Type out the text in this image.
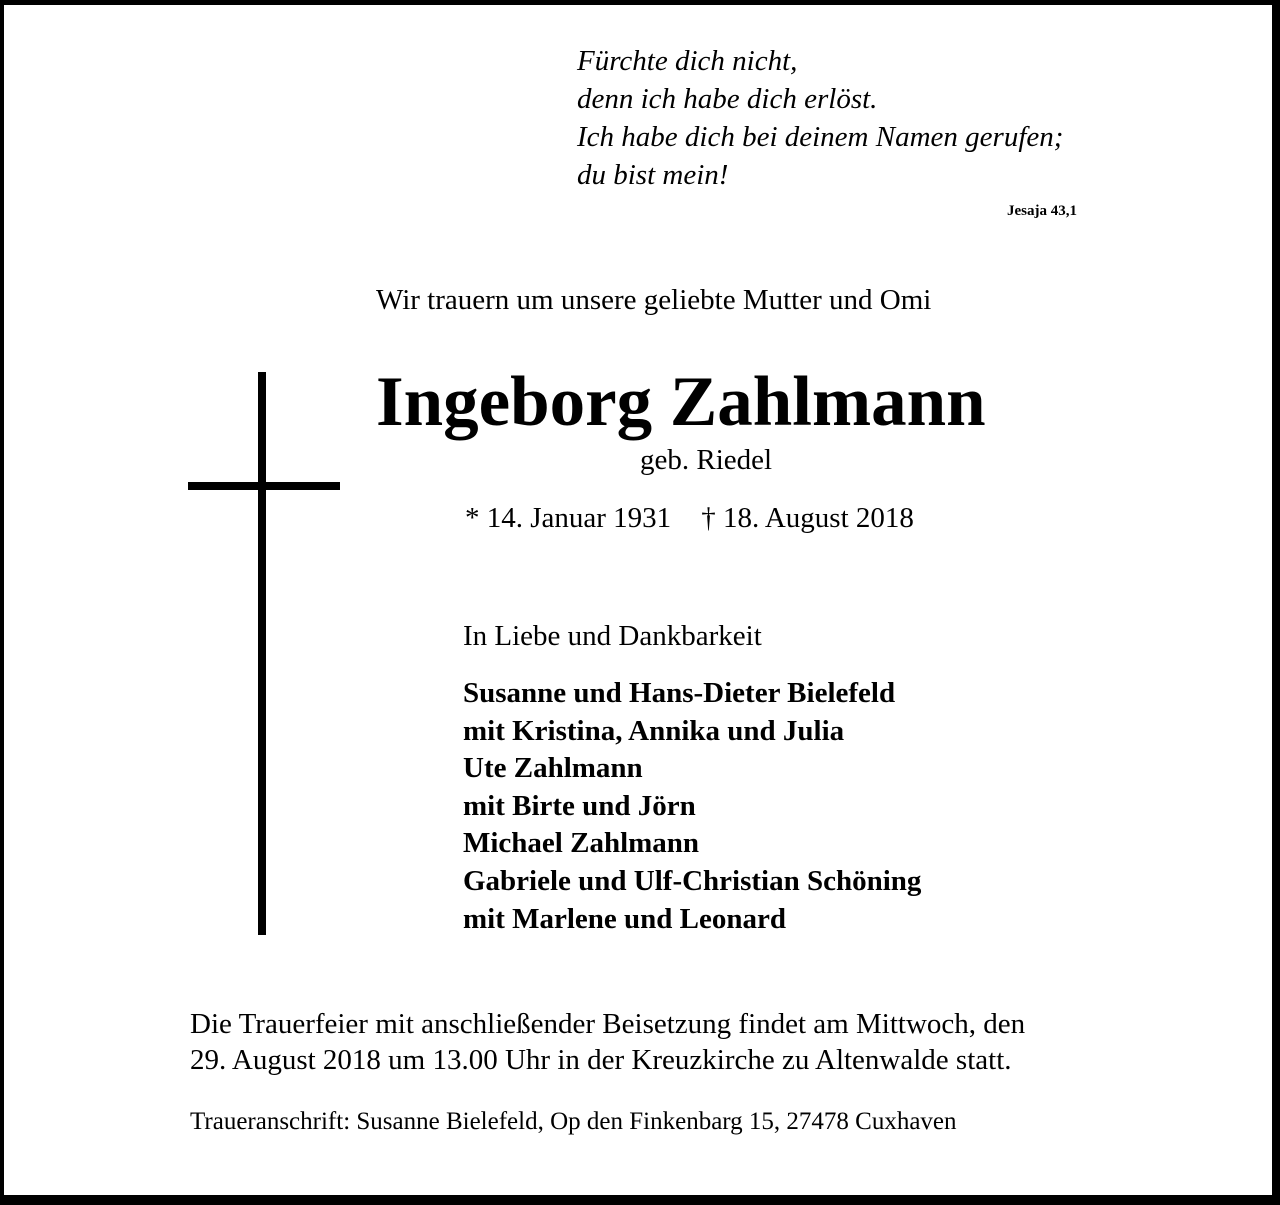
Fürchte dich nicht,
denn ich habe dich erlöst.
Ich habe dich bei deinem Namen gerufen;
du bist mein!
Jesaja 43,1
Wir trauern um unsere geliebte Mutter und Omi
Ingeborg Zahlmann
geb. Riedel
* 14. Januar 1931 † 18. August 2018
In Liebe und Dankbarkeit
Susanne und Hans-Dieter Bielefeld
mit Kristina, Annika und Julia
Ute Zahlmann
mit Birte und Jörn
Michael Zahlmann
Gabriele und Ulf-Christian Schöning
mit Marlene und Leonard
Die Trauerfeier mit anschließender Beisetzung findet am Mittwoch, den
29. August 2018 um 13.00 Uhr in der Kreuzkirche zu Altenwalde statt.
Traueranschrift: Susanne Bielefeld, Op den Finkenbarg 15, 27478 Cuxhaven
